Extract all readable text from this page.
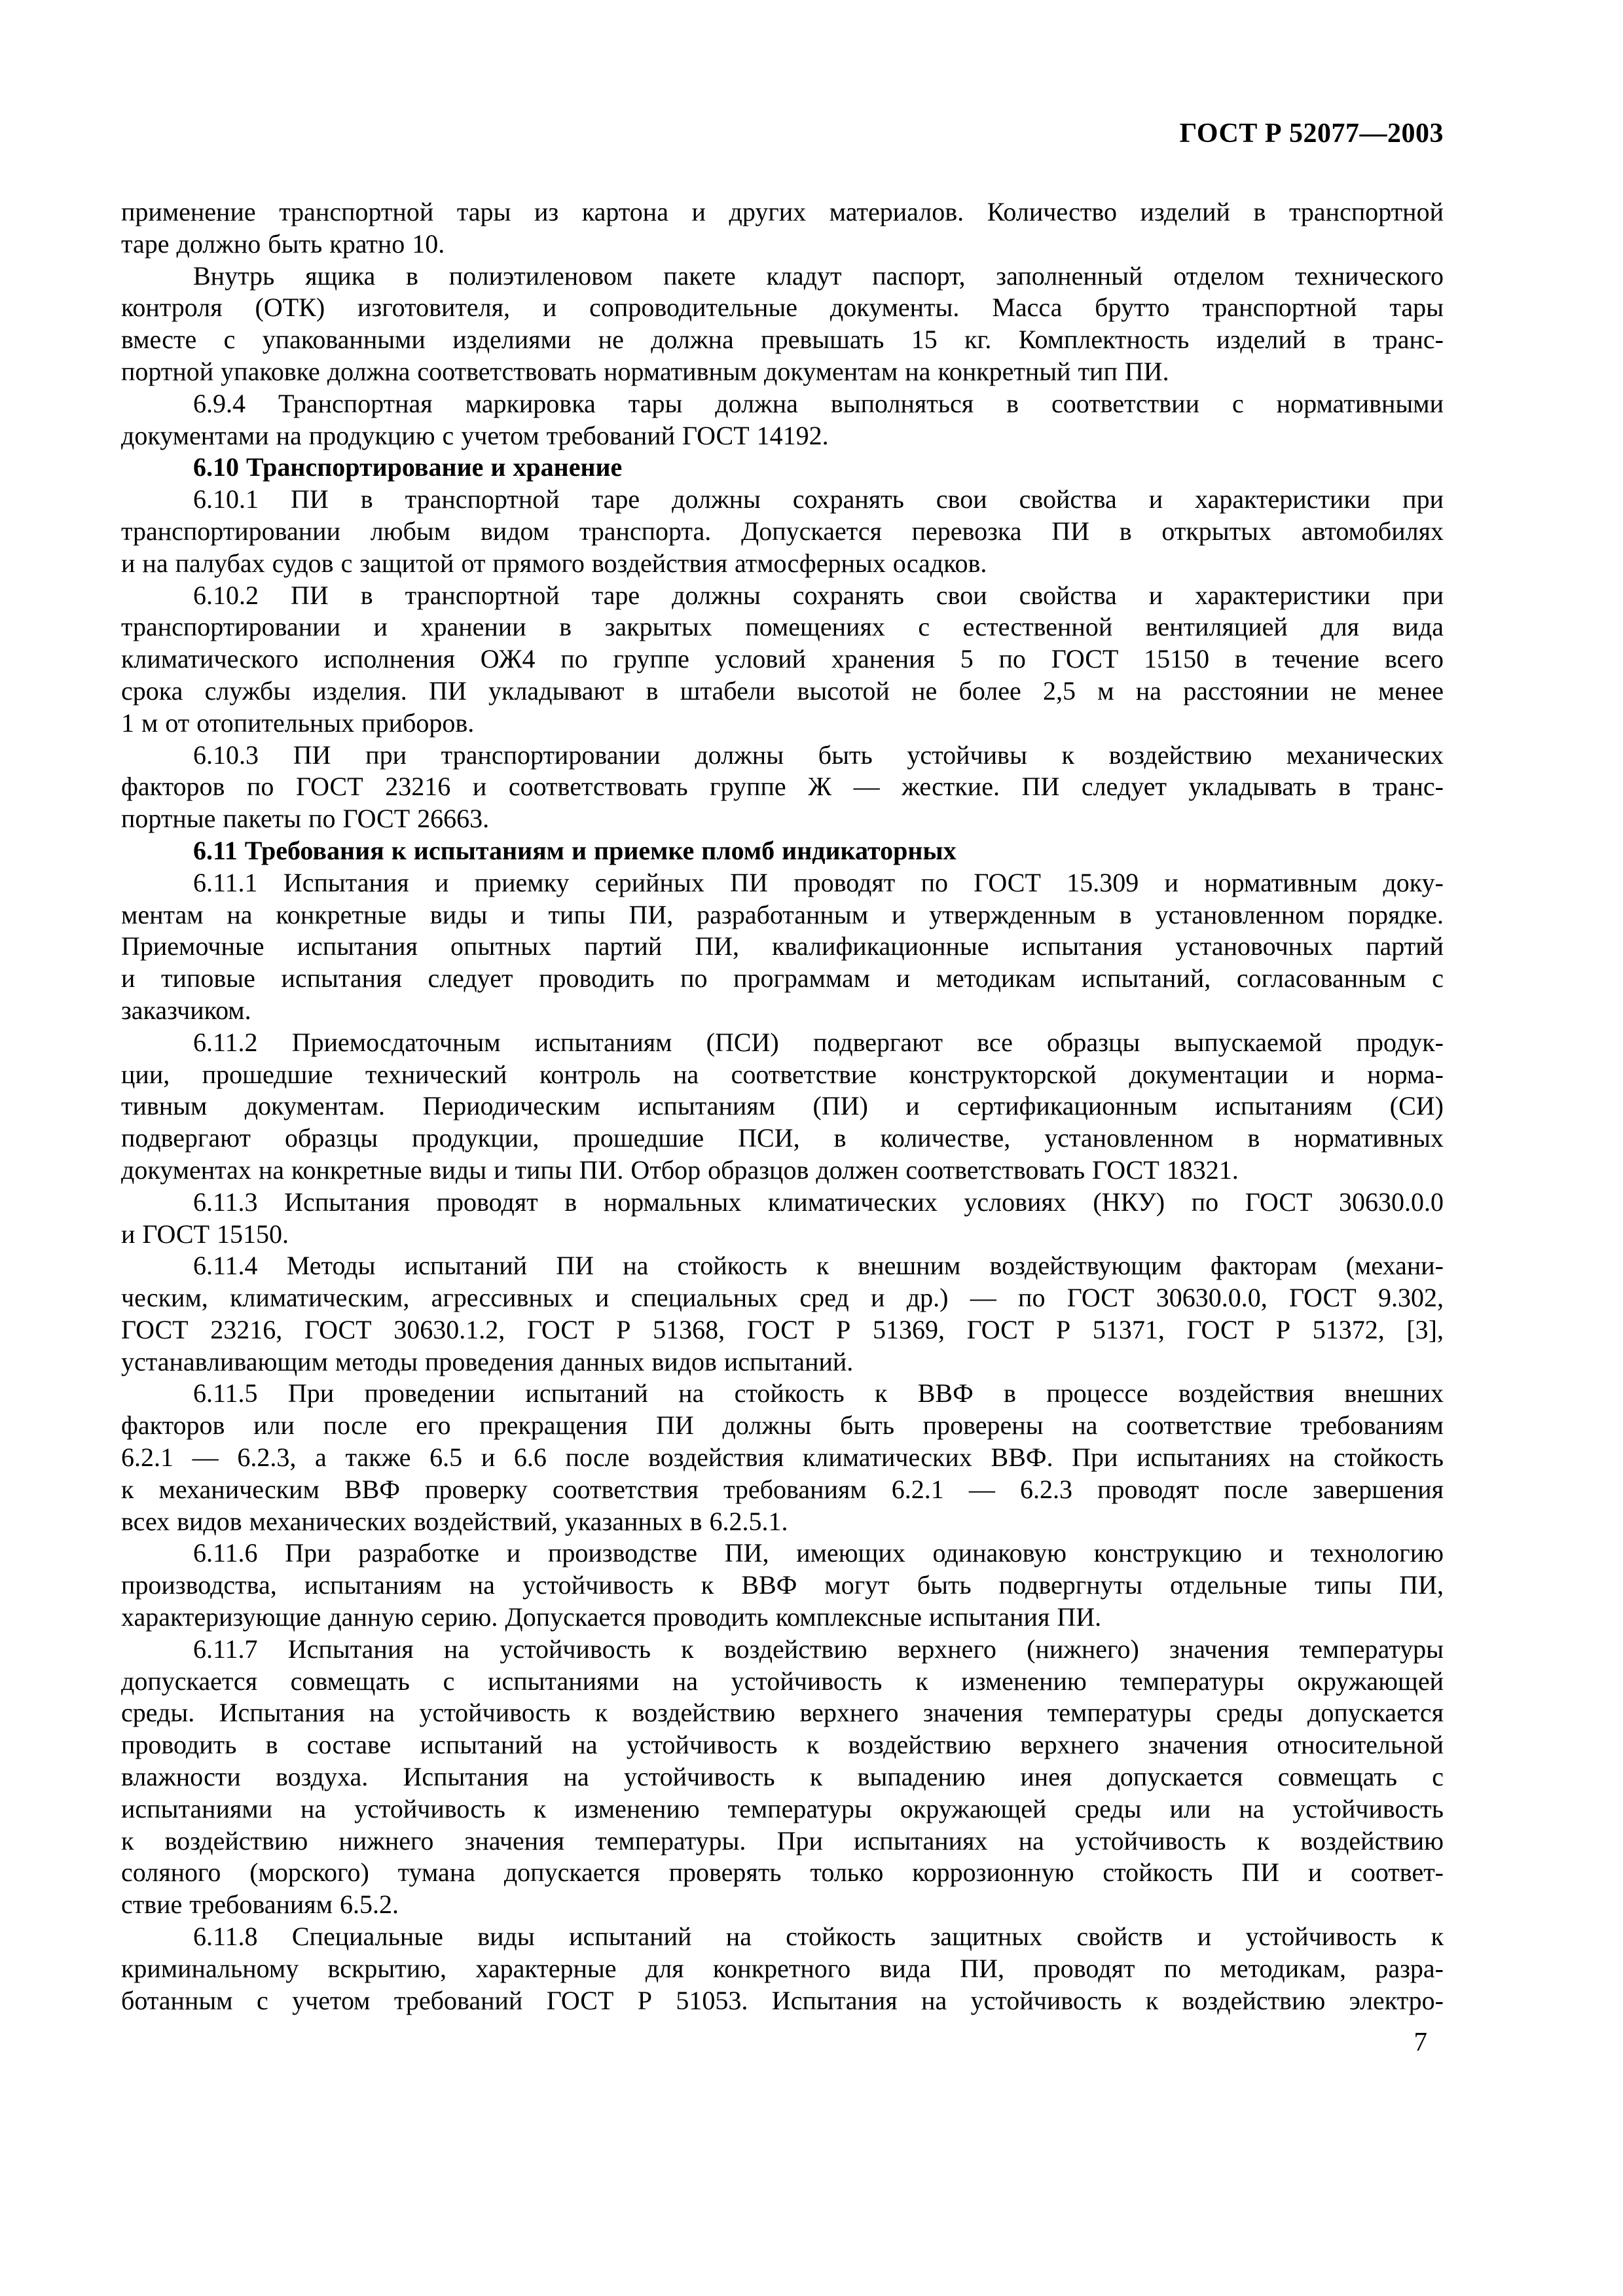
ГОСТ Р 52077—2003
применение транспортной тары из картона и других материалов. Количество изделий в транспортной
таре должно быть кратно 10.
Внутрь ящика в полиэтиленовом пакете кладут паспорт, заполненный отделом технического
контроля (ОТК) изготовителя, и сопроводительные документы. Масса брутто транспортной тары
вместе с упакованными изделиями не должна превышать 15 кг. Комплектность изделий в транс-
портной упаковке должна соответствовать нормативным документам на конкретный тип ПИ.
6.9.4 Транспортная маркировка тары должна выполняться в соответствии с нормативными
документами на продукцию с учетом требований ГОСТ 14192.
6.10 Транспортирование и хранение
6.10.1 ПИ в транспортной таре должны сохранять свои свойства и характеристики при
транспортировании любым видом транспорта. Допускается перевозка ПИ в открытых автомобилях
и на палубах судов с защитой от прямого воздействия атмосферных осадков.
6.10.2 ПИ в транспортной таре должны сохранять свои свойства и характеристики при
транспортировании и хранении в закрытых помещениях с естественной вентиляцией для вида
климатического исполнения ОЖ4 по группе условий хранения 5 по ГОСТ 15150 в течение всего
срока службы изделия. ПИ укладывают в штабели высотой не более 2,5 м на расстоянии не менее
1 м от отопительных приборов.
6.10.3 ПИ при транспортировании должны быть устойчивы к воздействию механических
факторов по ГОСТ 23216 и соответствовать группе Ж — жесткие. ПИ следует укладывать в транс-
портные пакеты по ГОСТ 26663.
6.11 Требования к испытаниям и приемке пломб индикаторных
6.11.1 Испытания и приемку серийных ПИ проводят по ГОСТ 15.309 и нормативным доку-
ментам на конкретные виды и типы ПИ, разработанным и утвержденным в установленном порядке.
Приемочные испытания опытных партий ПИ, квалификационные испытания установочных партий
и типовые испытания следует проводить по программам и методикам испытаний, согласованным с
заказчиком.
6.11.2 Приемосдаточным испытаниям (ПСИ) подвергают все образцы выпускаемой продук-
ции, прошедшие технический контроль на соответствие конструкторской документации и норма-
тивным документам. Периодическим испытаниям (ПИ) и сертификационным испытаниям (СИ)
подвергают образцы продукции, прошедшие ПСИ, в количестве, установленном в нормативных
документах на конкретные виды и типы ПИ. Отбор образцов должен соответствовать ГОСТ 18321.
6.11.3 Испытания проводят в нормальных климатических условиях (НКУ) по ГОСТ 30630.0.0
и ГОСТ 15150.
6.11.4 Методы испытаний ПИ на стойкость к внешним воздействующим факторам (механи-
ческим, климатическим, агрессивных и специальных сред и др.) — по ГОСТ 30630.0.0, ГОСТ 9.302,
ГОСТ 23216, ГОСТ 30630.1.2, ГОСТ Р 51368, ГОСТ Р 51369, ГОСТ Р 51371, ГОСТ Р 51372, [3],
устанавливающим методы проведения данных видов испытаний.
6.11.5 При проведении испытаний на стойкость к ВВФ в процессе воздействия внешних
факторов или после его прекращения ПИ должны быть проверены на соответствие требованиям
6.2.1 — 6.2.3, а также 6.5 и 6.6 после воздействия климатических ВВФ. При испытаниях на стойкость
к механическим ВВФ проверку соответствия требованиям 6.2.1 — 6.2.3 проводят после завершения
всех видов механических воздействий, указанных в 6.2.5.1.
6.11.6 При разработке и производстве ПИ, имеющих одинаковую конструкцию и технологию
производства, испытаниям на устойчивость к ВВФ могут быть подвергнуты отдельные типы ПИ,
характеризующие данную серию. Допускается проводить комплексные испытания ПИ.
6.11.7 Испытания на устойчивость к воздействию верхнего (нижнего) значения температуры
допускается совмещать с испытаниями на устойчивость к изменению температуры окружающей
среды. Испытания на устойчивость к воздействию верхнего значения температуры среды допускается
проводить в составе испытаний на устойчивость к воздействию верхнего значения относительной
влажности воздуха. Испытания на устойчивость к выпадению инея допускается совмещать с
испытаниями на устойчивость к изменению температуры окружающей среды или на устойчивость
к воздействию нижнего значения температуры. При испытаниях на устойчивость к воздействию
соляного (морского) тумана допускается проверять только коррозионную стойкость ПИ и соответ-
ствие требованиям 6.5.2.
6.11.8 Специальные виды испытаний на стойкость защитных свойств и устойчивость к
криминальному вскрытию, характерные для конкретного вида ПИ, проводят по методикам, разра-
ботанным с учетом требований ГОСТ Р 51053. Испытания на устойчивость к воздействию электро-
7
